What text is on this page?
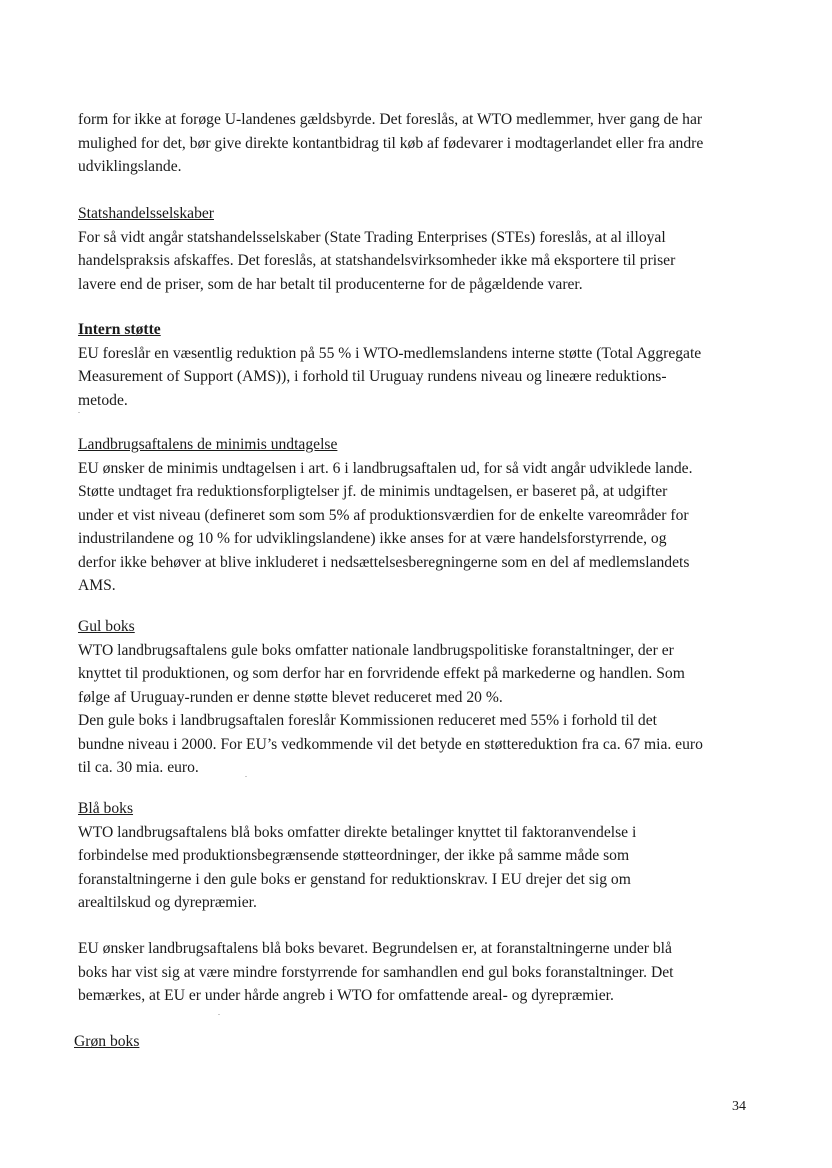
form for ikke at forøge U-landenes gældsbyrde. Det foreslås, at WTO medlemmer, hver gang de har
mulighed for det, bør give direkte kontantbidrag til køb af fødevarer i modtagerlandet eller fra andre
udviklingslande.
Statshandelsselskaber
For så vidt angår statshandelsselskaber (State Trading Enterprises (STEs) foreslås, at al illoyal
handelspraksis afskaffes. Det foreslås, at statshandelsvirksomheder ikke må eksportere til priser
lavere end de priser, som de har betalt til producenterne for de pågældende varer.
Intern støtte
EU foreslår en væsentlig reduktion på 55 % i WTO-medlemslandens interne støtte (Total Aggregate
Measurement of Support (AMS)), i forhold til Uruguay rundens niveau og lineære reduktions-
metode.
Landbrugsaftalens de minimis undtagelse
EU ønsker de minimis undtagelsen i art. 6 i landbrugsaftalen ud, for så vidt angår udviklede lande.
Støtte undtaget fra reduktionsforpligtelser jf. de minimis undtagelsen, er baseret på, at udgifter
under et vist niveau (defineret som som 5% af produktionsværdien for de enkelte vareområder for
industrilandene og 10 % for udviklingslandene) ikke anses for at være handelsforstyrrende, og
derfor ikke behøver at blive inkluderet i nedsættelsesberegningerne som en del af medlemslandets
AMS.
Gul boks
WTO landbrugsaftalens gule boks omfatter nationale landbrugspolitiske foranstaltninger, der er
knyttet til produktionen, og som derfor har en forvridende effekt på markederne og handlen. Som
følge af Uruguay-runden er denne støtte blevet reduceret med 20 %.
Den gule boks i landbrugsaftalen foreslår Kommissionen reduceret med 55% i forhold til det
bundne niveau i 2000. For EU’s vedkommende vil det betyde en støttereduktion fra ca. 67 mia. euro
til ca. 30 mia. euro.
Blå boks
WTO landbrugsaftalens blå boks omfatter direkte betalinger knyttet til faktoranvendelse i
forbindelse med produktionsbegrænsende støtteordninger, der ikke på samme måde som
foranstaltningerne i den gule boks er genstand for reduktionskrav. I EU drejer det sig om
arealtilskud og dyrepræmier.
EU ønsker landbrugsaftalens blå boks bevaret. Begrundelsen er, at foranstaltningerne under blå
boks har vist sig at være mindre forstyrrende for samhandlen end gul boks foranstaltninger. Det
bemærkes, at EU er under hårde angreb i WTO for omfattende areal- og dyrepræmier.
Grøn boks
34
